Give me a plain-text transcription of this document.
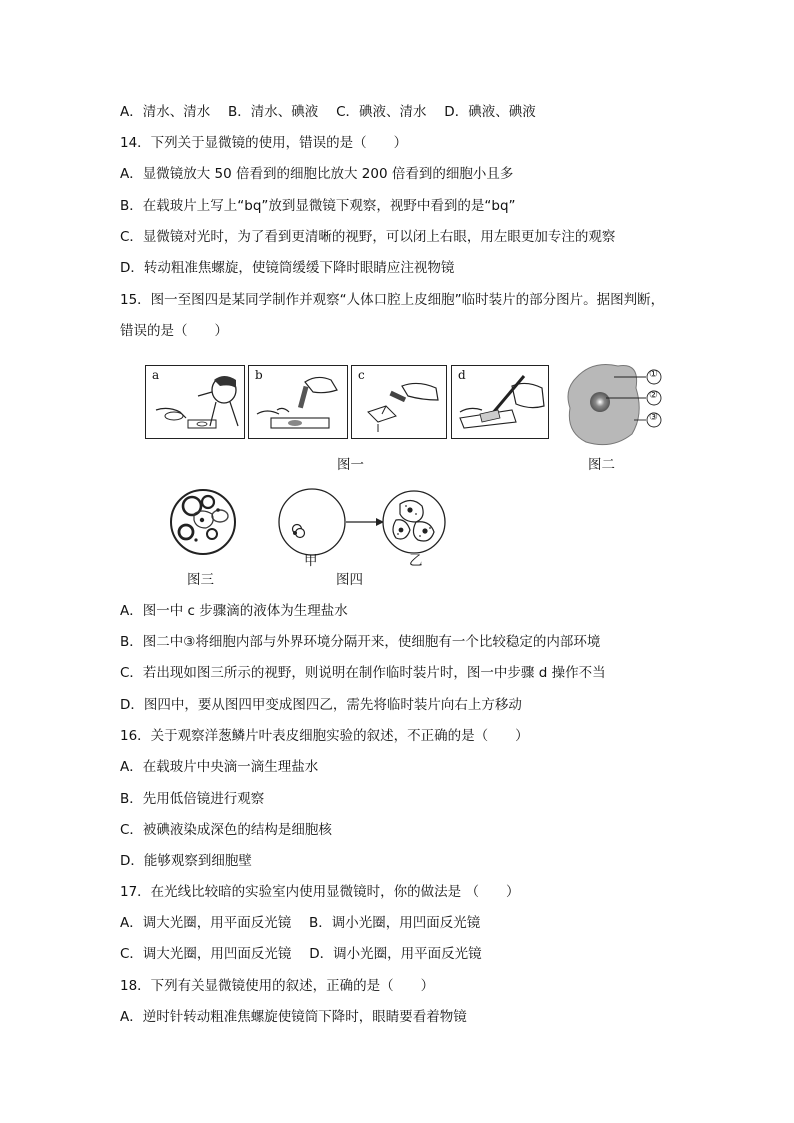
A．清水、清水　 B．清水、碘液　 C．碘液、清水　 D．碘液、碘液
14．下列关于显微镜的使用，错误的是（　　）
A．显微镜放大 50 倍看到的细胞比放大 200 倍看到的细胞小且多
B．在载玻片上写上“bq”放到显微镜下观察，视野中看到的是“bq”
C．显微镜对光时，为了看到更清晰的视野，可以闭上右眼，用左眼更加专注的观察
D．转动粗准焦螺旋，使镜筒缓缓下降时眼睛应注视物镜
15．图一至图四是某同学制作并观察“人体口腔上皮细胞”临时装片的部分图片。据图判断，
错误的是（　　）
a	b	c	d
图一
①
②
③
图二
图三
甲	乙
图四
A．图一中 c 步骤滴的液体为生理盐水
B．图二中③将细胞内部与外界环境分隔开来，使细胞有一个比较稳定的内部环境
C．若出现如图三所示的视野，则说明在制作临时装片时，图一中步骤 d 操作不当
D．图四中，要从图四甲变成图四乙，需先将临时装片向右上方移动
16．关于观察洋葱鳞片叶表皮细胞实验的叙述，不正确的是（　　）
A．在载玻片中央滴一滴生理盐水
B．先用低倍镜进行观察
C．被碘液染成深色的结构是细胞核
D．能够观察到细胞壁
17．在光线比较暗的实验室内使用显微镜时，你的做法是 （　　）
A．调大光圈，用平面反光镜　 B．调小光圈，用凹面反光镜
C．调大光圈，用凹面反光镜　 D．调小光圈，用平面反光镜
18．下列有关显微镜使用的叙述，正确的是（　　）
A．逆时针转动粗准焦螺旋使镜筒下降时，眼睛要看着物镜
